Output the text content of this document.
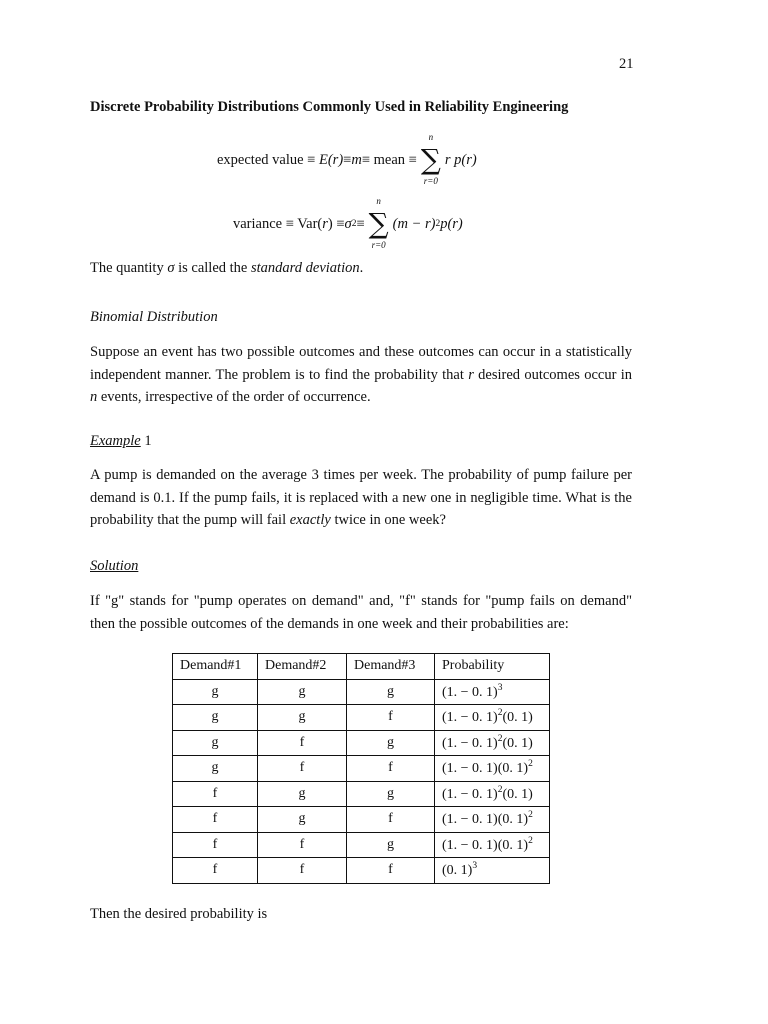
21
Discrete Probability Distributions Commonly Used in Reliability Engineering
expected value ≡
E(r) ≡ m ≡ mean ≡
n
∑
r=0
r p(r)
variance ≡ Var( r ) ≡ σ 2 ≡
n
∑
r=0
(m − r) 2 p(r)
The quantity σ is called the standard deviation.
Binomial Distribution
Suppose an event has two possible outcomes and these outcomes can occur in a statistically independent manner. The problem is to find the probability that r desired outcomes occur in n events, irrespective of the order of occurrence.
Example 1
A pump is demanded on the average 3 times per week. The probability of pump failure per demand is 0.1. If the pump fails, it is replaced with a new one in negligible time. What is the probability that the pump will fail exactly twice in one week?
Solution
If "g" stands for "pump operates on demand" and, "f" stands for "pump fails on demand" then the possible outcomes of the demands in one week and their probabilities are:
Demand#1	Demand#2	Demand#3	Probability
g	g	g	(1. − 0. 1)$^3$
g	g	f	(1. − 0. 1)$^2$(0. 1)
g	f	g	(1. − 0. 1)$^2$(0. 1)
g	f	f	(1. − 0. 1)(0. 1)$^2$
f	g	g	(1. − 0. 1)$^2$(0. 1)
f	g	f	(1. − 0. 1)(0. 1)$^2$
f	f	g	(1. − 0. 1)(0. 1)$^2$
f	f	f	(0. 1)$^3$
Then the desired probability is
